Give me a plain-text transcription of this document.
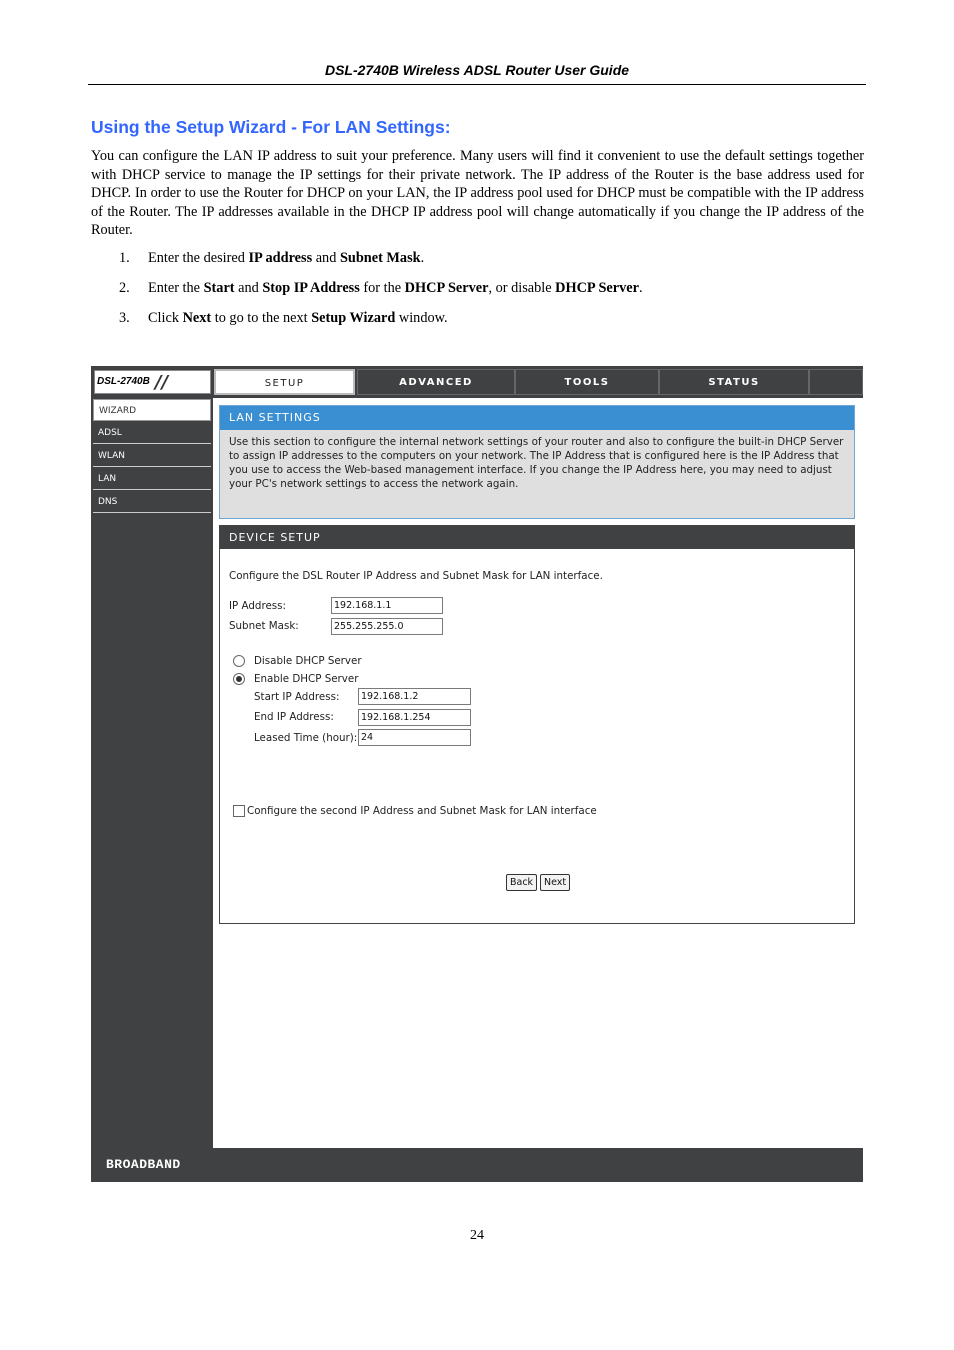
DSL-2740B Wireless ADSL Router User Guide
Using the Setup Wizard - For LAN Settings:

You can configure the LAN IP address to suit your preference. Many users will find it convenient to use the default settings together with DHCP service to manage the IP settings for their private network. The IP address of the Router is the base address used for DHCP. In order to use the Router for DHCP on your LAN, the IP address pool used for DHCP must be compatible with the IP address of the Router. The IP addresses available in the DHCP IP address pool will change automatically if you change the IP address of the Router.

1. Enter the desired IP address and Subnet Mask.
2. Enter the Start and Stop IP Address for the DHCP Server, or disable DHCP Server.
3. Click Next to go to the next Setup Wizard window.
DSL-2740B //	SETUP	ADVANCED	TOOLS	STATUS
WIZARD
ADSL
WLAN
LAN
DNS
LAN SETTINGS
Use this section to configure the internal network settings of your router and also to configure the built-in DHCP Server to assign IP addresses to the computers on your network. The IP Address that is configured here is the IP Address that you use to access the Web-based management interface. If you change the IP Address here, you may need to adjust your PC's network settings to access the network again.
DEVICE SETUP
Configure the DSL Router IP Address and Subnet Mask for LAN interface.
IP Address:	192.168.1.1
Subnet Mask:	255.255.255.0
Disable DHCP Server
Enable DHCP Server
Start IP Address:	192.168.1.2
End IP Address:	192.168.1.254
Leased Time (hour): 24
Configure the second IP Address and Subnet Mask for LAN interface
Back	Next
BROADBAND
24
